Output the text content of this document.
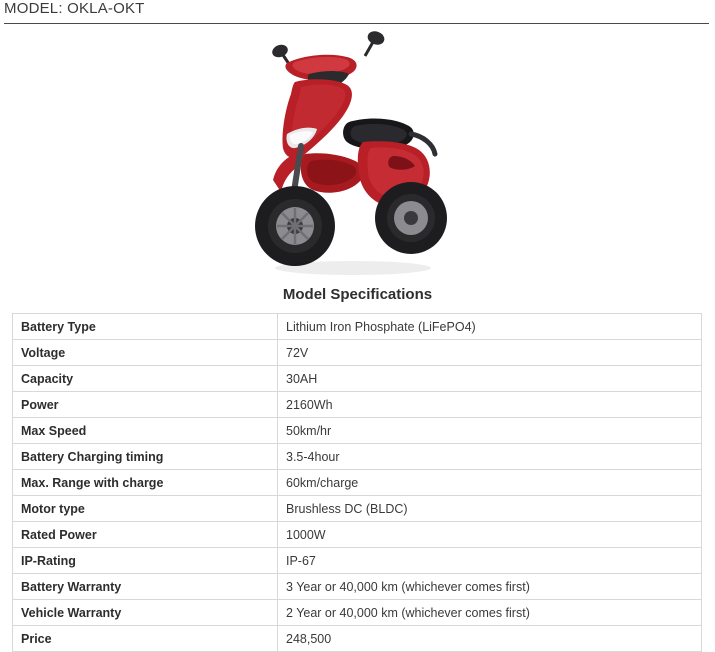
MODEL: OKLA-OKT
Model Specifications
Battery Type	Lithium Iron Phosphate (LiFePO4)
Voltage	72V
Capacity	30AH
Power	2160Wh
Max Speed	50km/hr
Battery Charging timing	3.5-4hour
Max. Range with charge	60km/charge
Motor type	Brushless DC (BLDC)
Rated Power	1000W
IP-Rating	IP-67
Battery Warranty	3 Year or 40,000 km (whichever comes first)
Vehicle Warranty	2 Year or 40,000 km (whichever comes first)
Price	248,500
